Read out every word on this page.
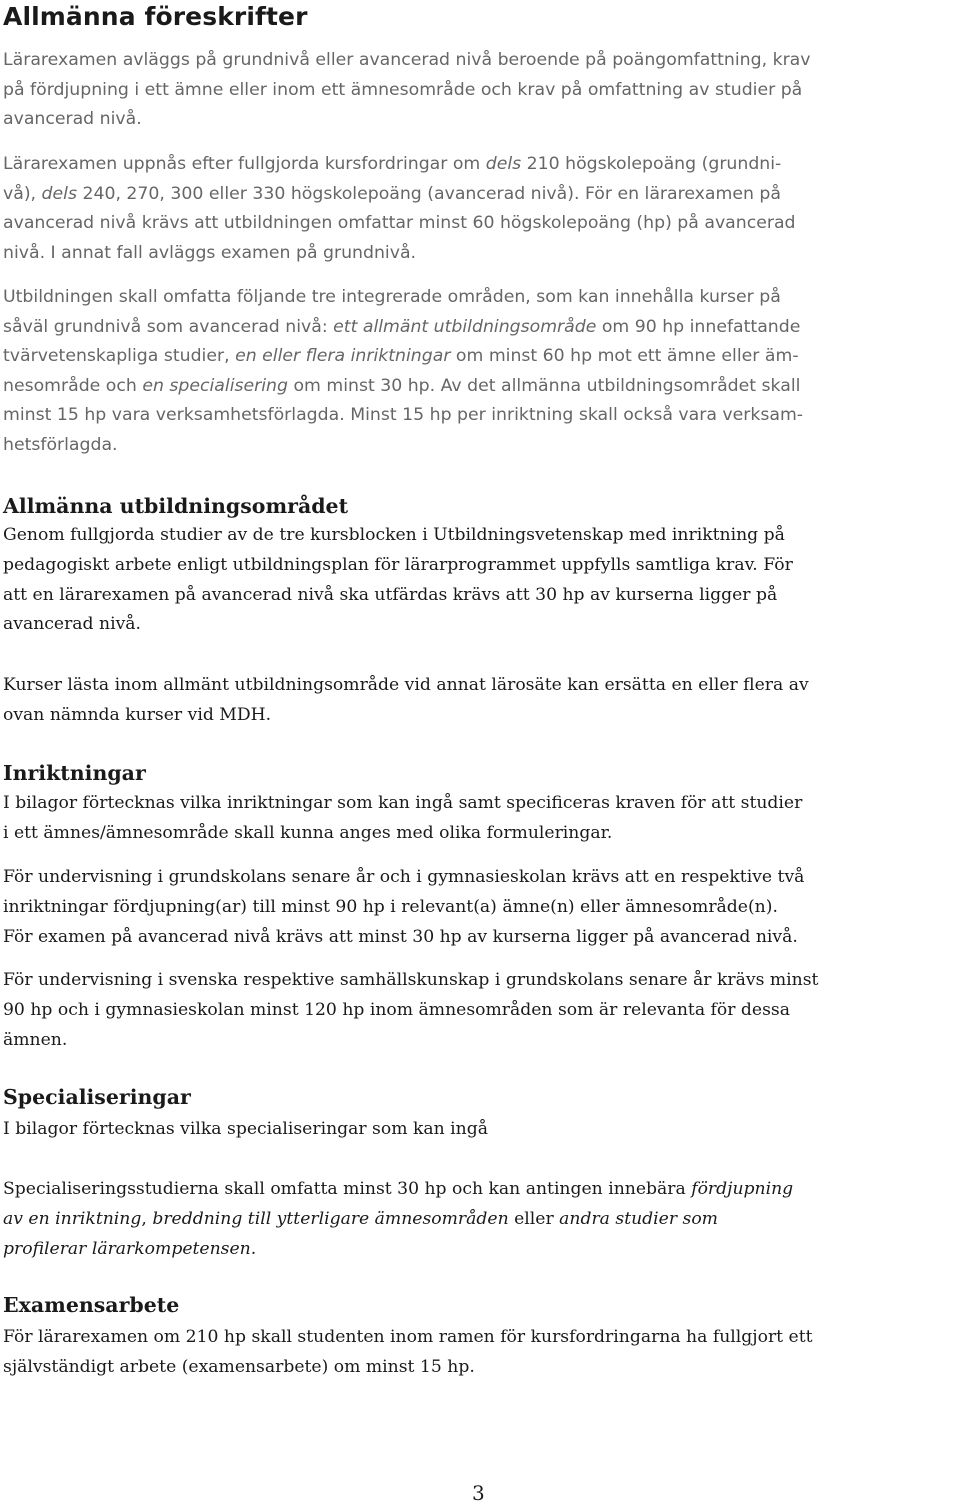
Allmänna föreskrifter

Lärarexamen avläggs på grundnivå eller avancerad nivå beroende på poängomfattning, krav
på fördjupning i ett ämne eller inom ett ämnesområde och krav på omfattning av studier på
avancerad nivå.

Lärarexamen uppnås efter fullgjorda kursfordringar om dels 210 högskolepoäng (grundni-
vå), dels 240, 270, 300 eller 330 högskolepoäng (avancerad nivå). För en lärarexamen på
avancerad nivå krävs att utbildningen omfattar minst 60 högskolepoäng (hp) på avancerad
nivå. I annat fall avläggs examen på grundnivå.

Utbildningen skall omfatta följande tre integrerade områden, som kan innehålla kurser på
såväl grundnivå som avancerad nivå: ett allmänt utbildningsområde om 90 hp innefattande
tvärvetenskapliga studier, en eller flera inriktningar om minst 60 hp mot ett ämne eller äm-
nesområde och en specialisering om minst 30 hp. Av det allmänna utbildningsområdet skall
minst 15 hp vara verksamhetsförlagda. Minst 15 hp per inriktning skall också vara verksam-
hetsförlagda.

Allmänna utbildningsområdet

Genom fullgjorda studier av de tre kursblocken i Utbildningsvetenskap med inriktning på
pedagogiskt arbete enligt utbildningsplan för lärarprogrammet uppfylls samtliga krav. För
att en lärarexamen på avancerad nivå ska utfärdas krävs att 30 hp av kurserna ligger på
avancerad nivå.

Kurser lästa inom allmänt utbildningsområde vid annat lärosäte kan ersätta en eller flera av
ovan nämnda kurser vid MDH.

Inriktningar

I bilagor förtecknas vilka inriktningar som kan ingå samt specificeras kraven för att studier
i ett ämnes/ämnesområde skall kunna anges med olika formuleringar.

För undervisning i grundskolans senare år och i gymnasieskolan krävs att en respektive två
inriktningar fördjupning(ar) till minst 90 hp i relevant(a) ämne(n) eller ämnesområde(n).
För examen på avancerad nivå krävs att minst 30 hp av kurserna ligger på avancerad nivå.

För undervisning i svenska respektive samhällskunskap i grundskolans senare år krävs minst
90 hp och i gymnasieskolan minst 120 hp inom ämnesområden som är relevanta för dessa
ämnen.

Specialiseringar

I bilagor förtecknas vilka specialiseringar som kan ingå

Specialiseringsstudierna skall omfatta minst 30 hp och kan antingen innebära fördjupning
av en inriktning, breddning till ytterligare ämnesområden eller andra studier som
profilerar lärarkompetensen.

Examensarbete

För lärarexamen om 210 hp skall studenten inom ramen för kursfordringarna ha fullgjort ett
självständigt arbete (examensarbete) om minst 15 hp.

3
